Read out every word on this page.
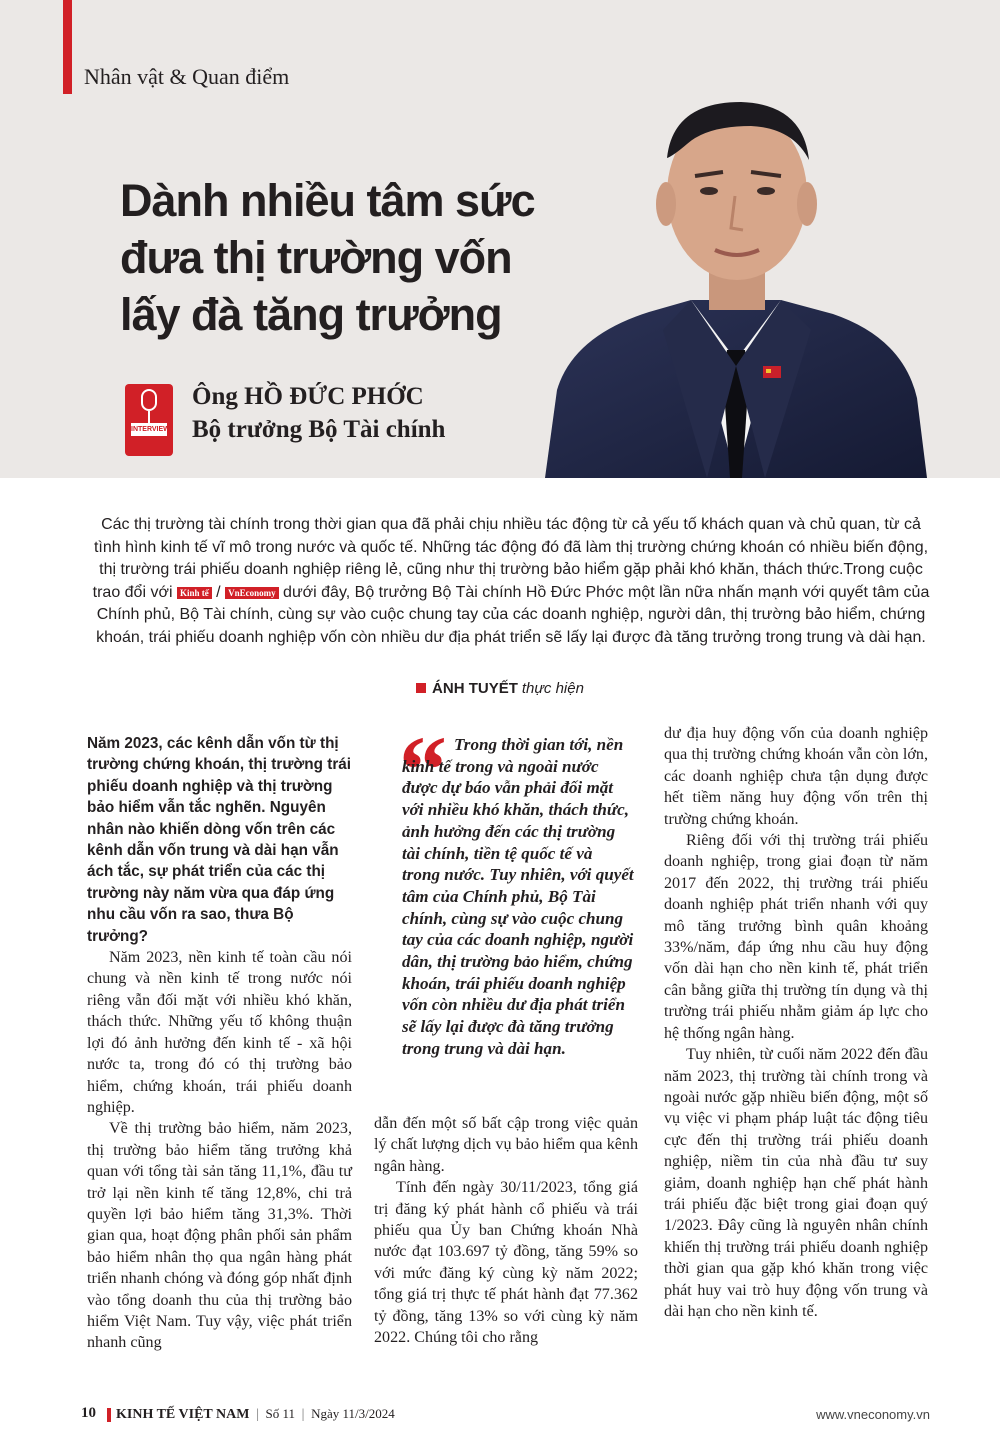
Nhân vật & Quan điểm
Dành nhiều tâm sức
đưa thị trường vốn
lấy đà tăng trưởng
INTERVIEW
Ông HỒ ĐỨC PHỚC
Bộ trưởng Bộ Tài chính
Các thị trường tài chính trong thời gian qua đã phải chịu nhiều tác động từ cả yếu tố khách quan và chủ quan, từ cả tình hình kinh tế vĩ mô trong nước và quốc tế. Những tác động đó đã làm thị trường chứng khoán có nhiều biến động, thị trường trái phiếu doanh nghiệp riêng lẻ, cũng như thị trường bảo hiểm gặp phải khó khăn, thách thức.Trong cuộc trao đổi với Kinh tế / VnEconomy dưới đây, Bộ trưởng Bộ Tài chính Hồ Đức Phớc một lần nữa nhấn mạnh với quyết tâm của Chính phủ, Bộ Tài chính, cùng sự vào cuộc chung tay của các doanh nghiệp, người dân, thị trường bảo hiểm, chứng khoán, trái phiếu doanh nghiệp vốn còn nhiều dư địa phát triển sẽ lấy lại được đà tăng trưởng trong trung và dài hạn.
ÁNH TUYẾT thực hiện

Năm 2023, các kênh dẫn vốn từ thị trường chứng khoán, thị trường trái phiếu doanh nghiệp và thị trường bảo hiểm vẫn tắc nghẽn. Nguyên nhân nào khiến dòng vốn trên các kênh dẫn vốn trung và dài hạn vẫn ách tắc, sự phát triển của các thị trường này năm vừa qua đáp ứng nhu cầu vốn ra sao, thưa Bộ trưởng?

Năm 2023, nền kinh tế toàn cầu nói chung và nền kinh tế trong nước nói riêng vẫn đối mặt với nhiều khó khăn, thách thức. Những yếu tố không thuận lợi đó ảnh hưởng đến kinh tế - xã hội nước ta, trong đó có thị trường bảo hiểm, chứng khoán, trái phiếu doanh nghiệp.

Về thị trường bảo hiểm, năm 2023, thị trường bảo hiểm tăng trưởng khả quan với tổng tài sản tăng 11,1%, đầu tư trở lại nền kinh tế tăng 12,8%, chi trả quyền lợi bảo hiểm tăng 31,3%. Thời gian qua, hoạt động phân phối sản phẩm bảo hiểm nhân thọ qua ngân hàng phát triển nhanh chóng và đóng góp nhất định vào tổng doanh thu của thị trường bảo hiểm Việt Nam. Tuy vậy, việc phát triển nhanh cũng

“ Trong thời gian tới, nền kinh tế trong và ngoài nước được dự báo vẫn phải đối mặt với nhiều khó khăn, thách thức, ảnh hưởng đến các thị trường tài chính, tiền tệ quốc tế và trong nước. Tuy nhiên, với quyết tâm của Chính phủ, Bộ Tài chính, cùng sự vào cuộc chung tay của các doanh nghiệp, người dân, thị trường bảo hiểm, chứng khoán, trái phiếu doanh nghiệp vốn còn nhiều dư địa phát triển sẽ lấy lại được đà tăng trưởng trong trung và dài hạn.

dẫn đến một số bất cập trong việc quản lý chất lượng dịch vụ bảo hiểm qua kênh ngân hàng.

Tính đến ngày 30/11/2023, tổng giá trị đăng ký phát hành cổ phiếu và trái phiếu qua Ủy ban Chứng khoán Nhà nước đạt 103.697 tỷ đồng, tăng 59% so với mức đăng ký cùng kỳ năm 2022; tổng giá trị thực tế phát hành đạt 77.362 tỷ đồng, tăng 13% so với cùng kỳ năm 2022. Chúng tôi cho rằng

dư địa huy động vốn của doanh nghiệp qua thị trường chứng khoán vẫn còn lớn, các doanh nghiệp chưa tận dụng được hết tiềm năng huy động vốn trên thị trường chứng khoán.

Riêng đối với thị trường trái phiếu doanh nghiệp, trong giai đoạn từ năm 2017 đến 2022, thị trường trái phiếu doanh nghiệp phát triển nhanh với quy mô tăng trưởng bình quân khoảng 33%/năm, đáp ứng nhu cầu huy động vốn dài hạn cho nền kinh tế, phát triển cân bằng giữa thị trường tín dụng và thị trường trái phiếu nhằm giảm áp lực cho hệ thống ngân hàng.

Tuy nhiên, từ cuối năm 2022 đến đầu năm 2023, thị trường tài chính trong và ngoài nước gặp nhiều biến động, một số vụ việc vi phạm pháp luật tác động tiêu cực đến thị trường trái phiếu doanh nghiệp, niềm tin của nhà đầu tư suy giảm, doanh nghiệp hạn chế phát hành trái phiếu đặc biệt trong giai đoạn quý 1/2023. Đây cũng là nguyên nhân chính khiến thị trường trái phiếu doanh nghiệp thời gian qua gặp khó khăn trong việc phát huy vai trò huy động vốn trung và dài hạn cho nền kinh tế.

10 KINH TẾ VIỆT NAM | Số 11 | Ngày 11/3/2024	www.vneconomy.vn
